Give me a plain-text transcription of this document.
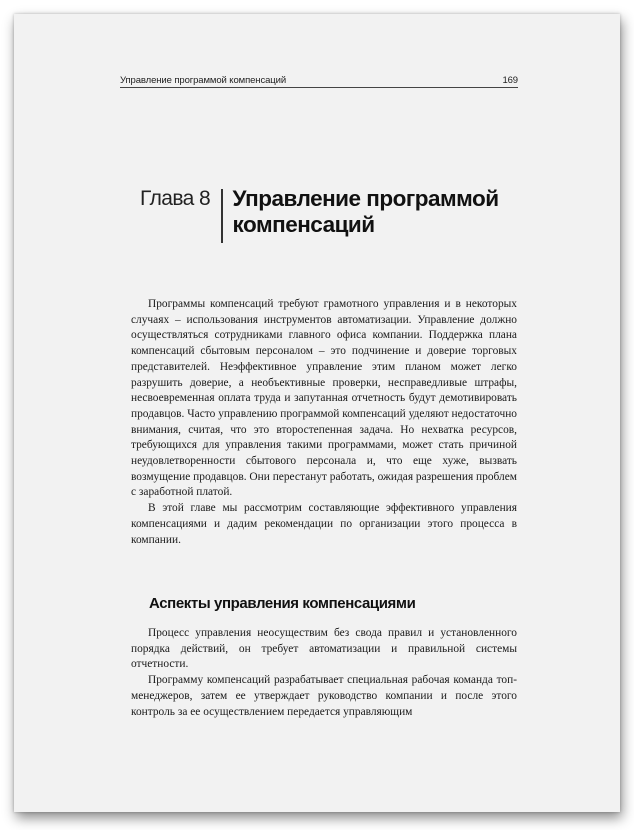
Управление программой компенсаций	169
Глава 8	Управление программой
компенсаций

Программы компенсаций требуют грамотного управления и в некоторых случаях – использования инструментов автоматизации. Управление должно осуществляться сотрудниками главного офиса компании. Поддержка плана компенсаций сбытовым персоналом – это подчинение и доверие торговых представителей. Неэффективное управление этим планом может легко разрушить доверие, а необъективные проверки, несправедливые штрафы, несвоевременная оплата труда и запутанная отчетность будут демотивировать продавцов. Часто управлению программой компенсаций уделяют недостаточно внимания, считая, что это второстепенная задача. Но нехватка ресурсов, требующихся для управления такими программами, может стать причиной неудовлетворенности сбытового персонала и, что еще хуже, вызвать возмущение продавцов. Они перестанут работать, ожидая разрешения проблем с заработной платой.

В этой главе мы рассмотрим составляющие эффективного управления компенсациями и дадим рекомендации по организации этого процесса в компании.

Аспекты управления компенсациями

Процесс управления неосуществим без свода правил и установленного порядка действий, он требует автоматизации и правильной системы отчетности.

Программу компенсаций разрабатывает специальная рабочая команда топ-менеджеров, затем ее утверждает руководство компании и после этого контроль за ее осуществлением передается управляющим
